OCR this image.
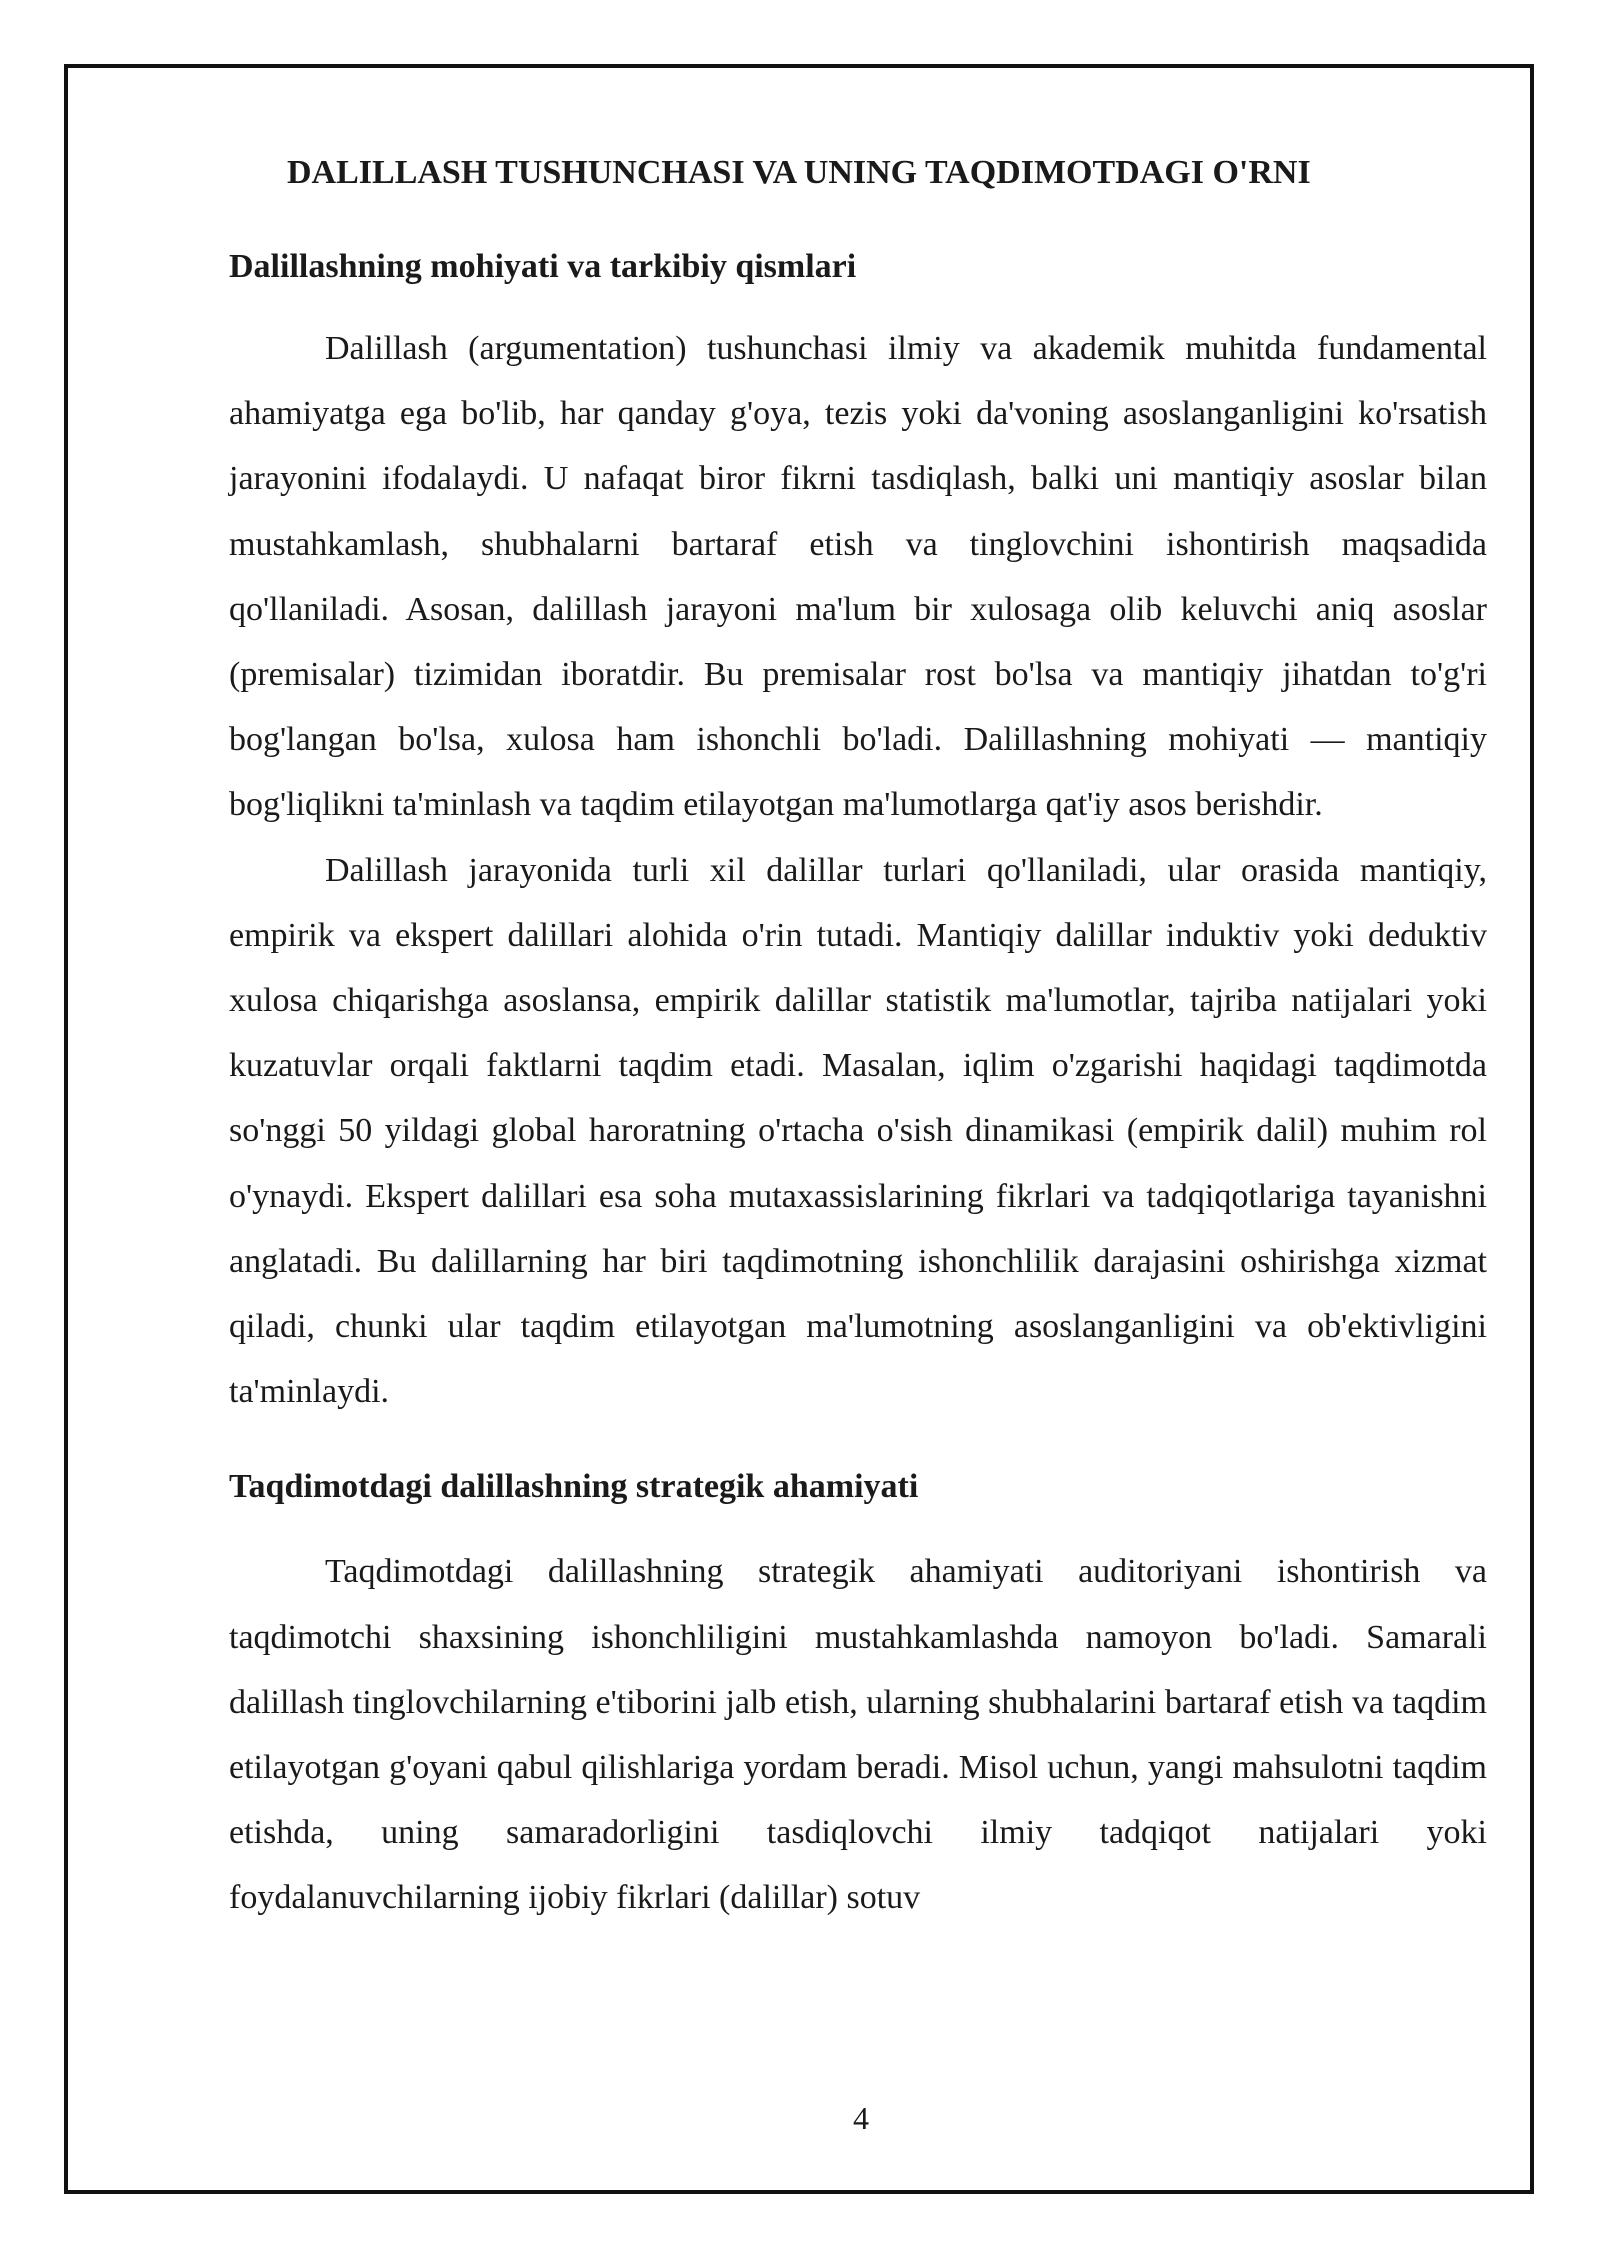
DALILLASH TUSHUNCHASI VA UNING TAQDIMOTDAGI O'RNI
Dalillashning mohiyati va tarkibiy qismlari

Dalillash (argumentation) tushunchasi ilmiy va akademik muhitda fundamental ahamiyatga ega bo'lib, har qanday g'oya, tezis yoki da'voning asoslanganligini ko'rsatish jarayonini ifodalaydi. U nafaqat biror fikrni tasdiqlash, balki uni mantiqiy asoslar bilan mustahkamlash, shubhalarni bartaraf etish va tinglovchini ishontirish maqsadida qo'llaniladi. Asosan, dalillash jarayoni ma'lum bir xulosaga olib keluvchi aniq asoslar (premisalar) tizimidan iboratdir. Bu premisalar rost bo'lsa va mantiqiy jihatdan to'g'ri bog'langan bo'lsa, xulosa ham ishonchli bo'ladi. Dalillashning mohiyati — mantiqiy bog'liqlikni ta'minlash va taqdim etilayotgan ma'lumotlarga qat'iy asos berishdir.

Dalillash jarayonida turli xil dalillar turlari qo'llaniladi, ular orasida mantiqiy, empirik va ekspert dalillari alohida o'rin tutadi. Mantiqiy dalillar induktiv yoki deduktiv xulosa chiqarishga asoslansa, empirik dalillar statistik ma'lumotlar, tajriba natijalari yoki kuzatuvlar orqali faktlarni taqdim etadi. Masalan, iqlim o'zgarishi haqidagi taqdimotda so'nggi 50 yildagi global haroratning o'rtacha o'sish dinamikasi (empirik dalil) muhim rol o'ynaydi. Ekspert dalillari esa soha mutaxassislarining fikrlari va tadqiqotlariga tayanishni anglatadi. Bu dalillarning har biri taqdimotning ishonchlilik darajasini oshirishga xizmat qiladi, chunki ular taqdim etilayotgan ma'lumotning asoslanganligini va ob'ektivligini ta'minlaydi.

Taqdimotdagi dalillashning strategik ahamiyati

Taqdimotdagi dalillashning strategik ahamiyati auditoriyani ishontirish va taqdimotchi shaxsining ishonchliligini mustahkamlashda namoyon bo'ladi. Samarali dalillash tinglovchilarning e'tiborini jalb etish, ularning shubhalarini bartaraf etish va taqdim etilayotgan g'oyani qabul qilishlariga yordam beradi. Misol uchun, yangi mahsulotni taqdim etishda, uning samaradorligini tasdiqlovchi ilmiy tadqiqot natijalari yoki foydalanuvchilarning ijobiy fikrlari (dalillar) sotuv

4
